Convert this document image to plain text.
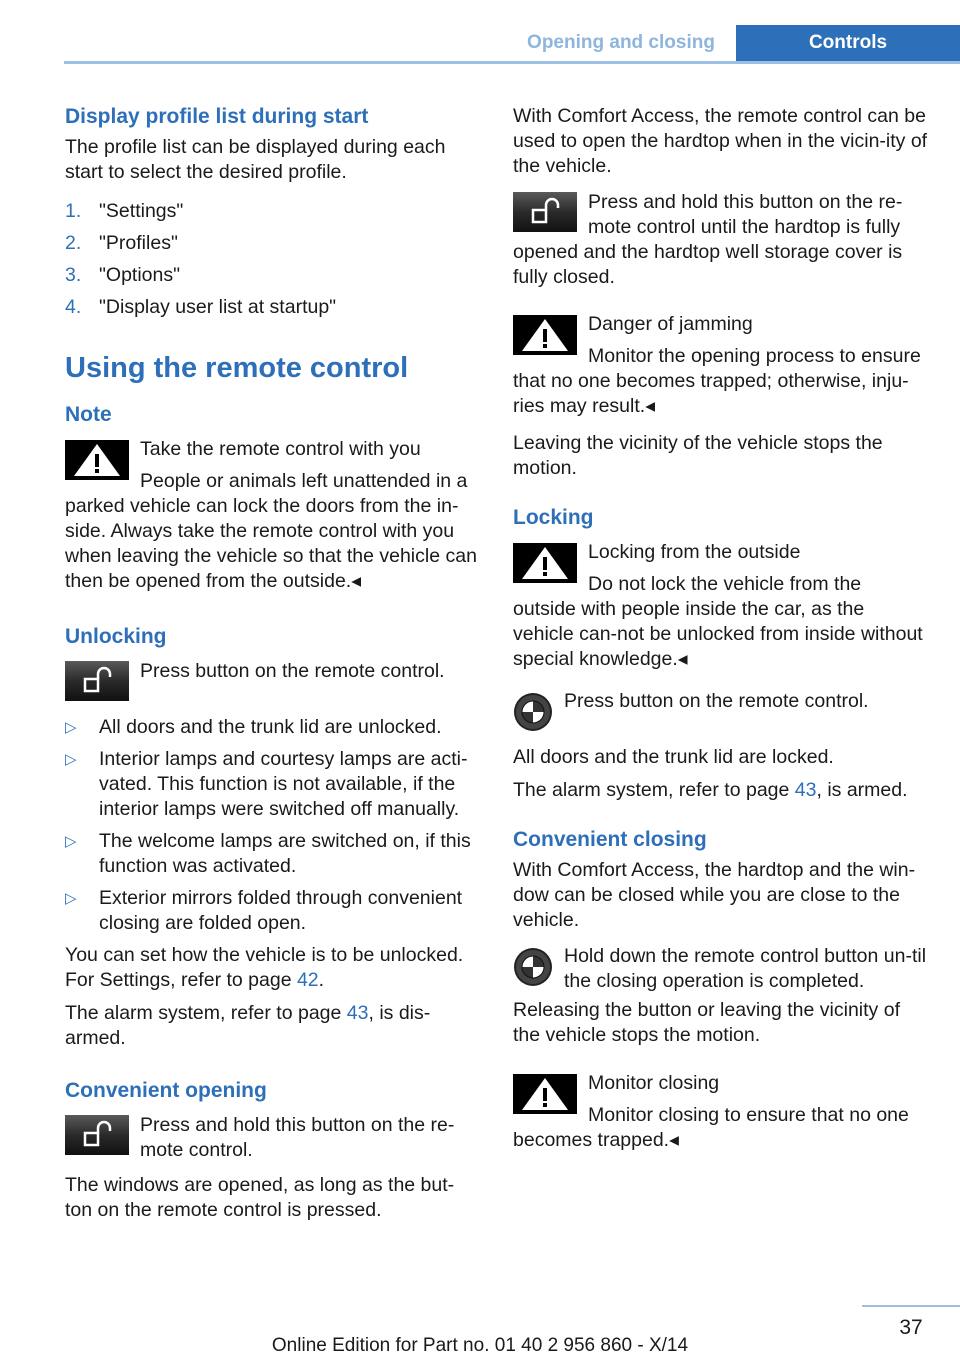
Opening and closing	Controls
Display profile list during start

The profile list can be displayed during each start to select the desired profile.

1. "Settings"
2. "Profiles"
3. "Options"
4. "Display user list at startup"
Using the remote control
Note

Take the remote control with you

People or animals left unattended in a parked vehicle can lock the doors from the in-side. Always take the remote control with you when leaving the vehicle so that the vehicle can then be opened from the outside.◂

Unlocking

Press button on the remote control.

▷	All doors and the trunk lid are unlocked.
▷	Interior lamps and courtesy lamps are acti-vated. This function is not available, if the interior lamps were switched off manually.
▷	The welcome lamps are switched on, if this function was activated.
▷	Exterior mirrors folded through convenient closing are folded open.

You can set how the vehicle is to be unlocked. For Settings, refer to page 42.

The alarm system, refer to page 43, is dis-armed.

Convenient opening

Press and hold this button on the re-mote control.

The windows are opened, as long as the but-ton on the remote control is pressed.

With Comfort Access, the remote control can be used to open the hardtop when in the vicin-ity of the vehicle.

Press and hold this button on the re-mote control until the hardtop is fully opened and the hardtop well storage cover is fully closed.

Danger of jamming

Monitor the opening process to ensure that no one becomes trapped; otherwise, inju-ries may result.◂

Leaving the vicinity of the vehicle stops the motion.

Locking

Locking from the outside

Do not lock the vehicle from the outside with people inside the car, as the vehicle can-not be unlocked from inside without special knowledge.◂

Press button on the remote control.

All doors and the trunk lid are locked.

The alarm system, refer to page 43, is armed.

Convenient closing

With Comfort Access, the hardtop and the win-dow can be closed while you are close to the vehicle.

Hold down the remote control button un-til the closing operation is completed.

Releasing the button or leaving the vicinity of the vehicle stops the motion.

Monitor closing

Monitor closing to ensure that no one becomes trapped.◂

37
Online Edition for Part no. 01 40 2 956 860 - X/14
